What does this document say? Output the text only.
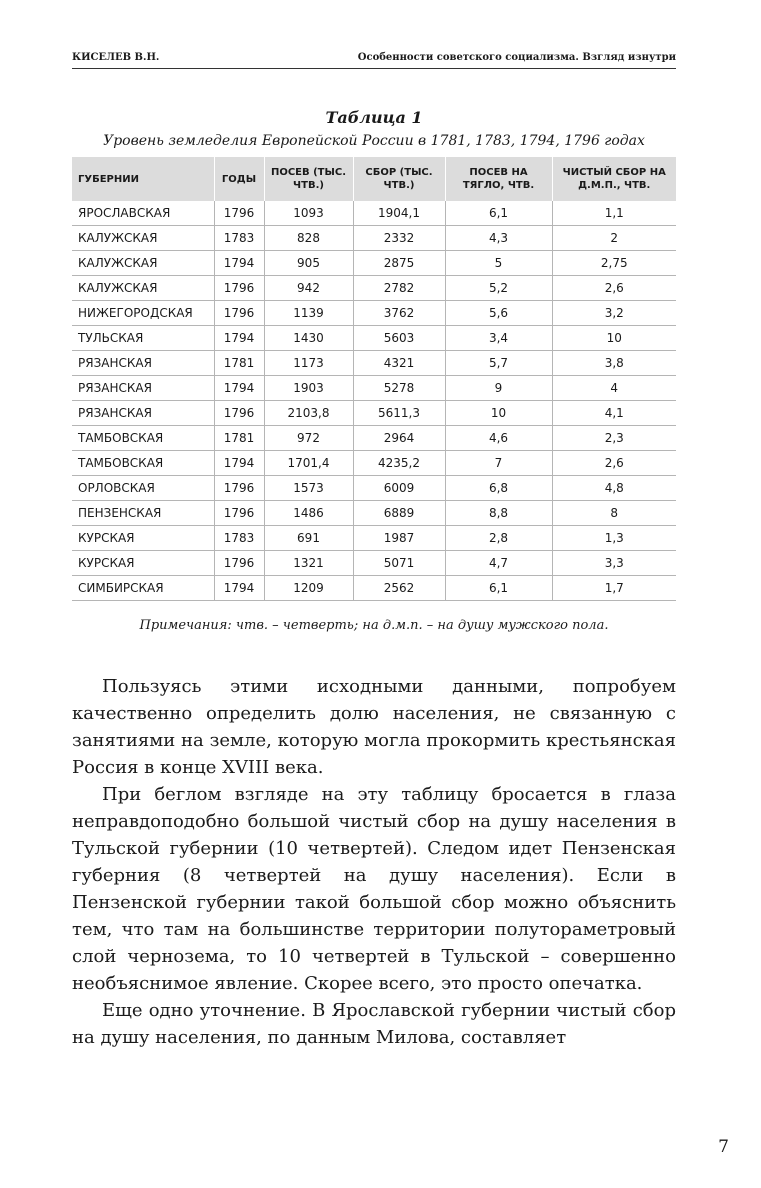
КИСЕЛЕВ В.Н.	Особенности советского социализма. Взгляд изнутри
Таблица 1
Уровень земледелия Европейской России в 1781, 1783, 1794, 1796 годах
ГУБЕРНИИ	ГОДЫ	ПОСЕВ (ТЫС. ЧТВ.)	СБОР (ТЫС. ЧТВ.)	ПОСЕВ НА ТЯГЛО, ЧТВ.	ЧИСТЫЙ СБОР НА Д.М.П., ЧТВ.
ЯРОСЛАВСКАЯ	1796	1093	1904,1	6,1	1,1
КАЛУЖСКАЯ	1783	828	2332	4,3	2
КАЛУЖСКАЯ	1794	905	2875	5	2,75
КАЛУЖСКАЯ	1796	942	2782	5,2	2,6
НИЖЕГОРОДСКАЯ	1796	1139	3762	5,6	3,2
ТУЛЬСКАЯ	1794	1430	5603	3,4	10
РЯЗАНСКАЯ	1781	1173	4321	5,7	3,8
РЯЗАНСКАЯ	1794	1903	5278	9	4
РЯЗАНСКАЯ	1796	2103,8	5611,3	10	4,1
ТАМБОВСКАЯ	1781	972	2964	4,6	2,3
ТАМБОВСКАЯ	1794	1701,4	4235,2	7	2,6
ОРЛОВСКАЯ	1796	1573	6009	6,8	4,8
ПЕНЗЕНСКАЯ	1796	1486	6889	8,8	8
КУРСКАЯ	1783	691	1987	2,8	1,3
КУРСКАЯ	1796	1321	5071	4,7	3,3
СИМБИРСКАЯ	1794	1209	2562	6,1	1,7
Примечания: чтв. – четверть; на д.м.п. – на душу мужского пола.

Пользуясь этими исходными данными, попробуем качественно определить долю населения, не связанную с занятиями на земле, которую могла прокормить крестьянская Россия в конце XVIII века.

При беглом взгляде на эту таблицу бросается в глаза неправдоподобно большой чистый сбор на душу населения в Тульской губернии (10 четвертей). Следом идет Пензенская губерния (8 четвертей на душу населения). Если в Пензенской губернии такой большой сбор можно объяснить тем, что там на большинстве территории полутораметровый слой чернозема, то 10 четвертей в Тульской – совершенно необъяснимое явление. Скорее всего, это просто опечатка.

Еще одно уточнение. В Ярославской губернии чистый сбор на душу населения, по данным Милова, составляет

7
